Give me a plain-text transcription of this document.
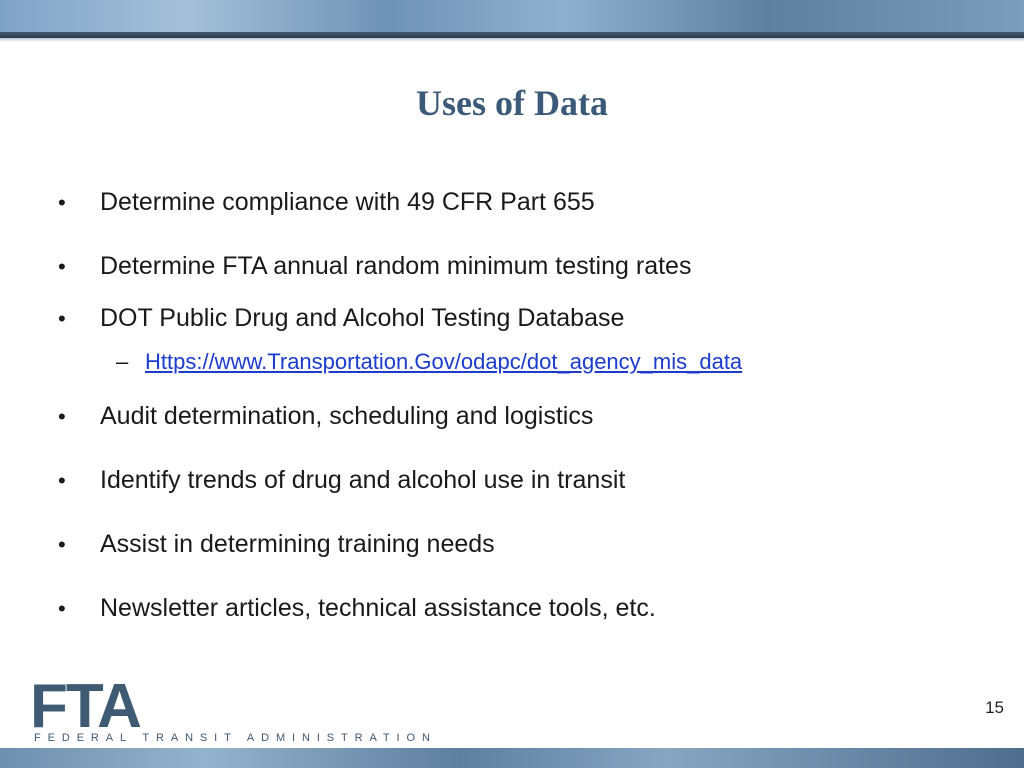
Uses of Data
•	Determine compliance with 49 CFR Part 655
•	Determine FTA annual random minimum testing rates
•	DOT Public Drug and Alcohol Testing Database
– Https://www.Transportation.Gov/odapc/dot_agency_mis_data
•	Audit determination, scheduling and logistics
•	Identify trends of drug and alcohol use in transit
•	Assist in determining training needs
•	Newsletter articles, technical assistance tools, etc.
FTA
FEDERAL TRANSIT ADMINISTRATION
15
